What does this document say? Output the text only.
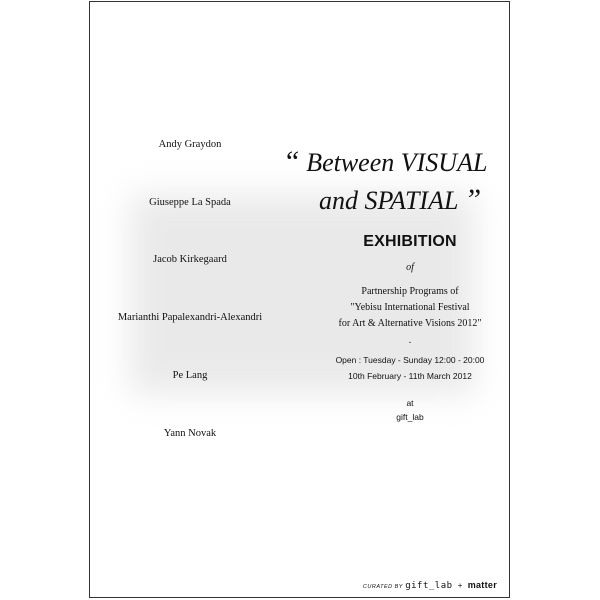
Andy Graydon
Giuseppe La Spada
Jacob Kirkegaard
Marianthi Papalexandri-Alexandri
Pe Lang
Yann Novak
“ Between VISUAL
and SPATIAL ”
EXHIBITION
of
Partnership Programs of
"Yebisu International Festival
for Art & Alternative Visions 2012"
.
Open : Tuesday - Sunday 12:00 - 20:00
10th February - 11th March 2012
at
gift_lab
CURATED BY gift_lab + matter
